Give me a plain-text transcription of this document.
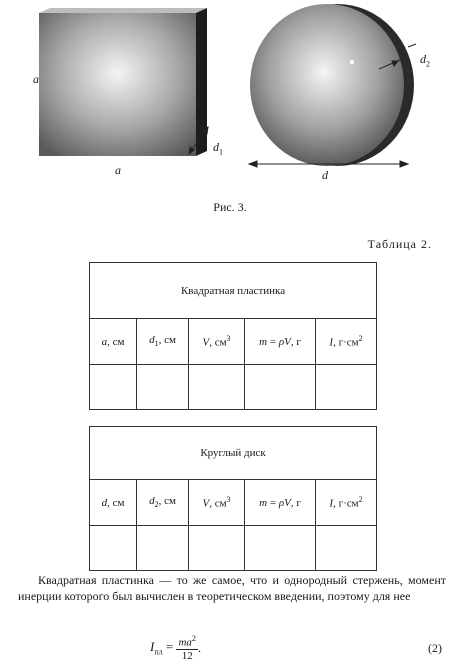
a
a
$d_1$
d
$d_2$
Рис. 3.
Таблица 2.
Квадратная пластинка				
a, см	$d_1$, см	V, $см^3$	m = ρV, г	I, $г\cdot см^2$

Круглый диск				
d, см	$d_2$, см	V, $см^3$	m = ρV, г	I, $г\cdot см^2$

Квадратная пластинка — то же самое, что и однородный стержень, момент инерции которого был вычислен в теоретическом введении, поэтому для нее
$I_{пл} = \frac{ma^2}{12}$ .	(2)
